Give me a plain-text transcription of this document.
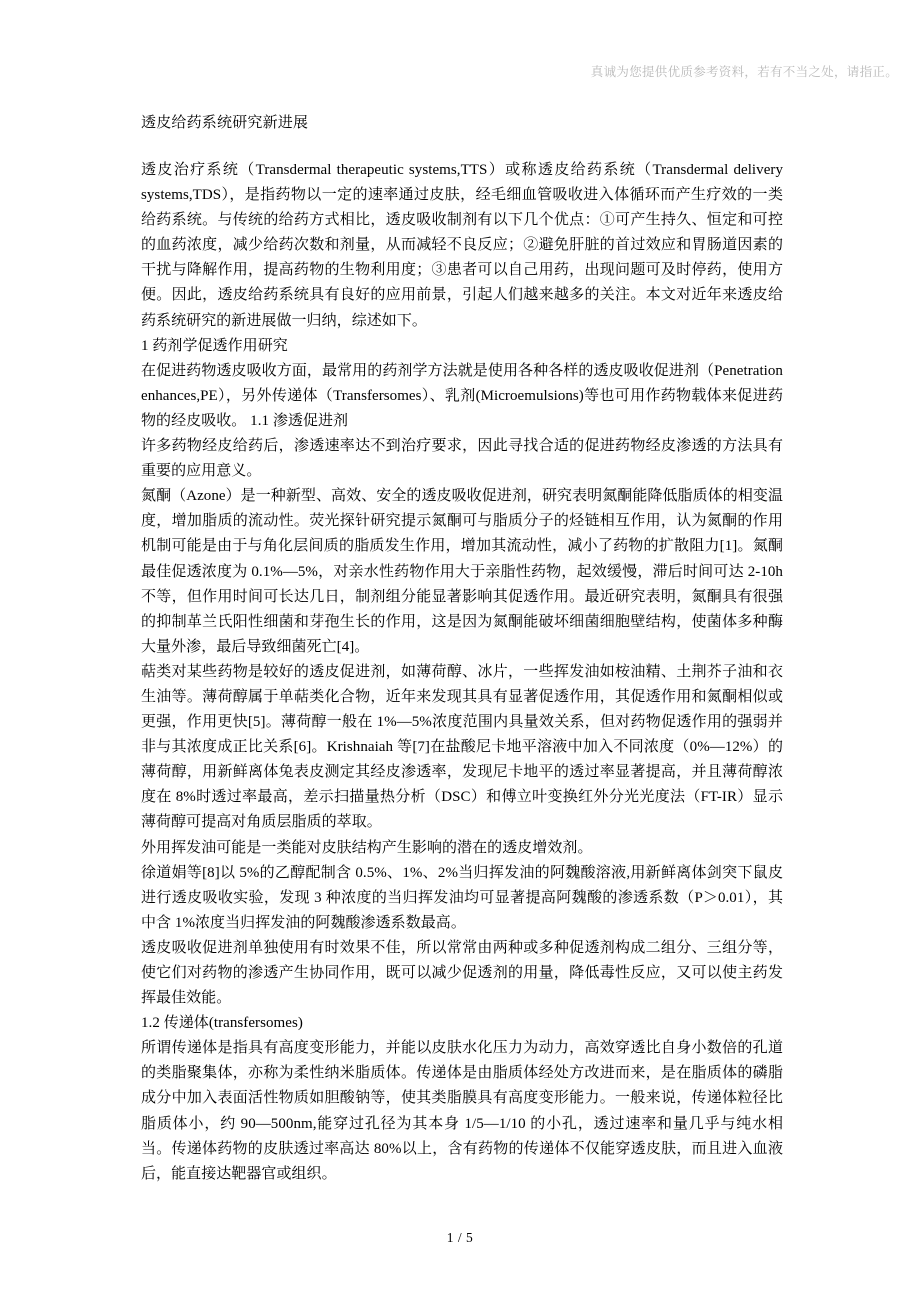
真诚为您提供优质参考资料，若有不当之处，请指正。
透皮给药系统研究新进展

透皮治疗系统（Transdermal therapeutic systems,TTS）或称透皮给药系统（Transdermal delivery systems,TDS），是指药物以一定的速率通过皮肤，经毛细血管吸收进入体循环而产生疗效的一类给药系统。与传统的给药方式相比，透皮吸收制剂有以下几个优点：①可产生持久、恒定和可控的血药浓度，减少给药次数和剂量，从而减轻不良反应；②避免肝脏的首过效应和胃肠道因素的干扰与降解作用，提高药物的生物利用度；③患者可以自己用药，出现问题可及时停药，使用方便。因此，透皮给药系统具有良好的应用前景，引起人们越来越多的关注。本文对近年来透皮给药系统研究的新进展做一归纳，综述如下。

1 药剂学促透作用研究

在促进药物透皮吸收方面，最常用的药剂学方法就是使用各种各样的透皮吸收促进剂（Penetration enhances,PE），另外传递体（Transfersomes）、乳剂(Microemulsions)等也可用作药物载体来促进药物的经皮吸收。 1.1 渗透促进剂

许多药物经皮给药后，渗透速率达不到治疗要求，因此寻找合适的促进药物经皮渗透的方法具有重要的应用意义。

氮酮（Azone）是一种新型、高效、安全的透皮吸收促进剂，研究表明氮酮能降低脂质体的相变温度，增加脂质的流动性。荧光探针研究提示氮酮可与脂质分子的烃链相互作用，认为氮酮的作用机制可能是由于与角化层间质的脂质发生作用，增加其流动性，减小了药物的扩散阻力[1]。氮酮最佳促透浓度为 0.1%—5%，对亲水性药物作用大于亲脂性药物，起效缓慢，滞后时间可达 2-10h 不等，但作用时间可长达几日，制剂组分能显著影响其促透作用。最近研究表明，氮酮具有很强的抑制革兰氏阳性细菌和芽孢生长的作用，这是因为氮酮能破坏细菌细胞壁结构，使菌体多种酶大量外渗，最后导致细菌死亡[4]。

萜类对某些药物是较好的透皮促进剂，如薄荷醇、冰片，一些挥发油如桉油精、土荆芥子油和衣生油等。薄荷醇属于单萜类化合物，近年来发现其具有显著促透作用，其促透作用和氮酮相似或更强，作用更快[5]。薄荷醇一般在 1%—5%浓度范围内具量效关系，但对药物促透作用的强弱并非与其浓度成正比关系[6]。Krishnaiah 等[7]在盐酸尼卡地平溶液中加入不同浓度（0%—12%）的薄荷醇，用新鲜离体兔表皮测定其经皮渗透率，发现尼卡地平的透过率显著提高，并且薄荷醇浓度在 8%时透过率最高，差示扫描量热分析（DSC）和傅立叶变换红外分光光度法（FT-IR）显示薄荷醇可提高对角质层脂质的萃取。

外用挥发油可能是一类能对皮肤结构产生影响的潜在的透皮增效剂。

徐道娟等[8]以 5%的乙醇配制含 0.5%、1%、2%当归挥发油的阿魏酸溶液,用新鲜离体剑突下鼠皮进行透皮吸收实验，发现 3 种浓度的当归挥发油均可显著提高阿魏酸的渗透系数（P＞0.01），其中含 1%浓度当归挥发油的阿魏酸渗透系数最高。

透皮吸收促进剂单独使用有时效果不佳，所以常常由两种或多种促透剂构成二组分、三组分等，使它们对药物的渗透产生协同作用，既可以减少促透剂的用量，降低毒性反应，又可以使主药发挥最佳效能。

1.2 传递体(transfersomes)

所谓传递体是指具有高度变形能力，并能以皮肤水化压力为动力，高效穿透比自身小数倍的孔道的类脂聚集体，亦称为柔性纳米脂质体。传递体是由脂质体经处方改进而来，是在脂质体的磷脂成分中加入表面活性物质如胆酸钠等，使其类脂膜具有高度变形能力。一般来说，传递体粒径比脂质体小，约 90—500nm,能穿过孔径为其本身 1/5—1/10 的小孔，透过速率和量几乎与纯水相当。传递体药物的皮肤透过率高达 80%以上，含有药物的传递体不仅能穿透皮肤，而且进入血液后，能直接达靶器官或组织。

1 / 5
